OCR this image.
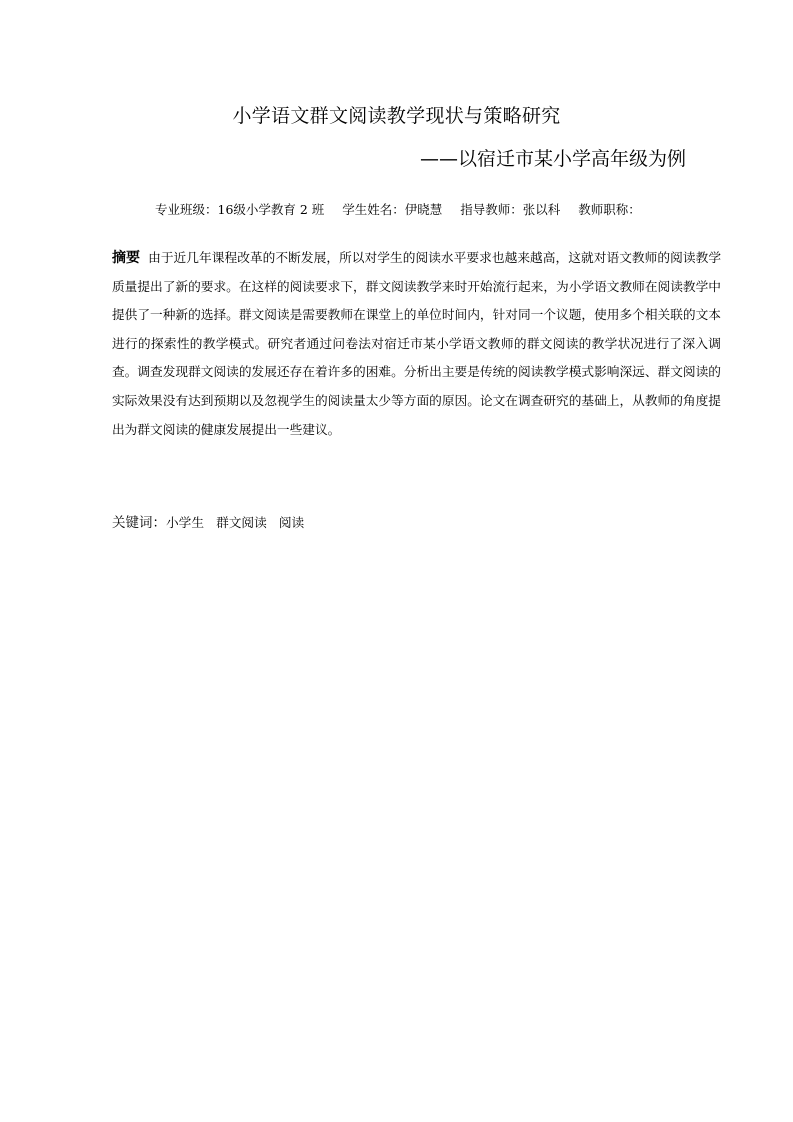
小学语文群文阅读教学现状与策略研究
——以宿迁市某小学高年级为例
专业班级：16级小学教育 2 班 学生姓名：伊晓慧 指导教师：张以科 教师职称：
摘要 由于近几年课程改革的不断发展，所以对学生的阅读水平要求也越来越高，这就对语文教师的阅读教学质量提出了新的要求。在这样的阅读要求下，群文阅读教学来时开始流行起来，为小学语文教师在阅读教学中提供了一种新的选择。群文阅读是需要教师在课堂上的单位时间内，针对同一个议题，使用多个相关联的文本进行的探索性的教学模式。研究者通过问卷法对宿迁市某小学语文教师的群文阅读的教学状况进行了深入调查。调查发现群文阅读的发展还存在着许多的困难。分析出主要是传统的阅读教学模式影响深远、群文阅读的实际效果没有达到预期以及忽视学生的阅读量太少等方面的原因。论文在调查研究的基础上，从教师的角度提出为群文阅读的健康发展提出一些建议。
关键词：小学生 群文阅读 阅读
